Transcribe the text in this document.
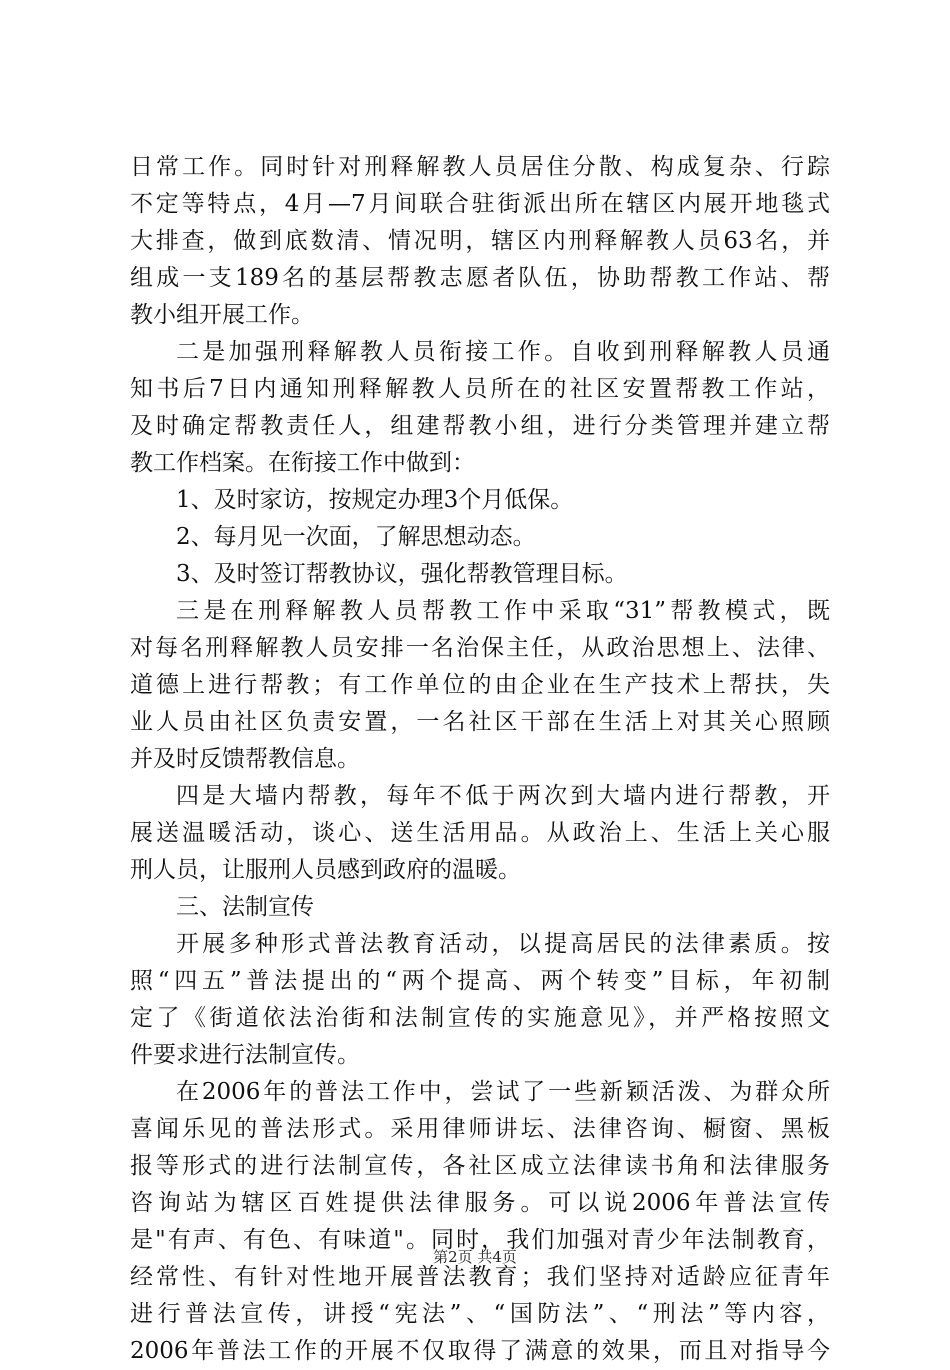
日常工作。同时针对刑释解教人员居住分散、构成复杂、行踪
不定等特点，4月—7月间联合驻街派出所在辖区内展开地毯式
大排查，做到底数清、情况明，辖区内刑释解教人员63名，并
组成一支189名的基层帮教志愿者队伍，协助帮教工作站、帮
教小组开展工作。
二是加强刑释解教人员衔接工作。自收到刑释解教人员通
知书后7日内通知刑释解教人员所在的社区安置帮教工作站，
及时确定帮教责任人，组建帮教小组，进行分类管理并建立帮
教工作档案。在衔接工作中做到：
1、及时家访，按规定办理3个月低保。
2、每月见一次面，了解思想动态。
3、及时签订帮教协议，强化帮教管理目标。
三是在刑释解教人员帮教工作中采取“31”帮教模式，既
对每名刑释解教人员安排一名治保主任，从政治思想上、法律、
道德上进行帮教；有工作单位的由企业在生产技术上帮扶，失
业人员由社区负责安置，一名社区干部在生活上对其关心照顾
并及时反馈帮教信息。
四是大墙内帮教，每年不低于两次到大墙内进行帮教，开
展送温暖活动，谈心、送生活用品。从政治上、生活上关心服
刑人员，让服刑人员感到政府的温暖。
三、法制宣传
开展多种形式普法教育活动，以提高居民的法律素质。按
照“四五”普法提出的“两个提高、两个转变”目标，年初制
定了《街道依法治街和法制宣传的实施意见》，并严格按照文
件要求进行法制宣传。
在2006年的普法工作中，尝试了一些新颖活泼、为群众所
喜闻乐见的普法形式。采用律师讲坛、法律咨询、橱窗、黑板
报等形式的进行法制宣传，各社区成立法律读书角和法律服务
咨询站为辖区百姓提供法律服务。可以说2006年普法宣传
是"有声、有色、有味道"。同时，我们加强对青少年法制教育，
经常性、有针对性地开展普法教育；我们坚持对适龄应征青年
进行普法宣传，讲授“宪法”、“国防法”、“刑法”等内容，
2006年普法工作的开展不仅取得了满意的效果，而且对指导今
第2页 共4页
